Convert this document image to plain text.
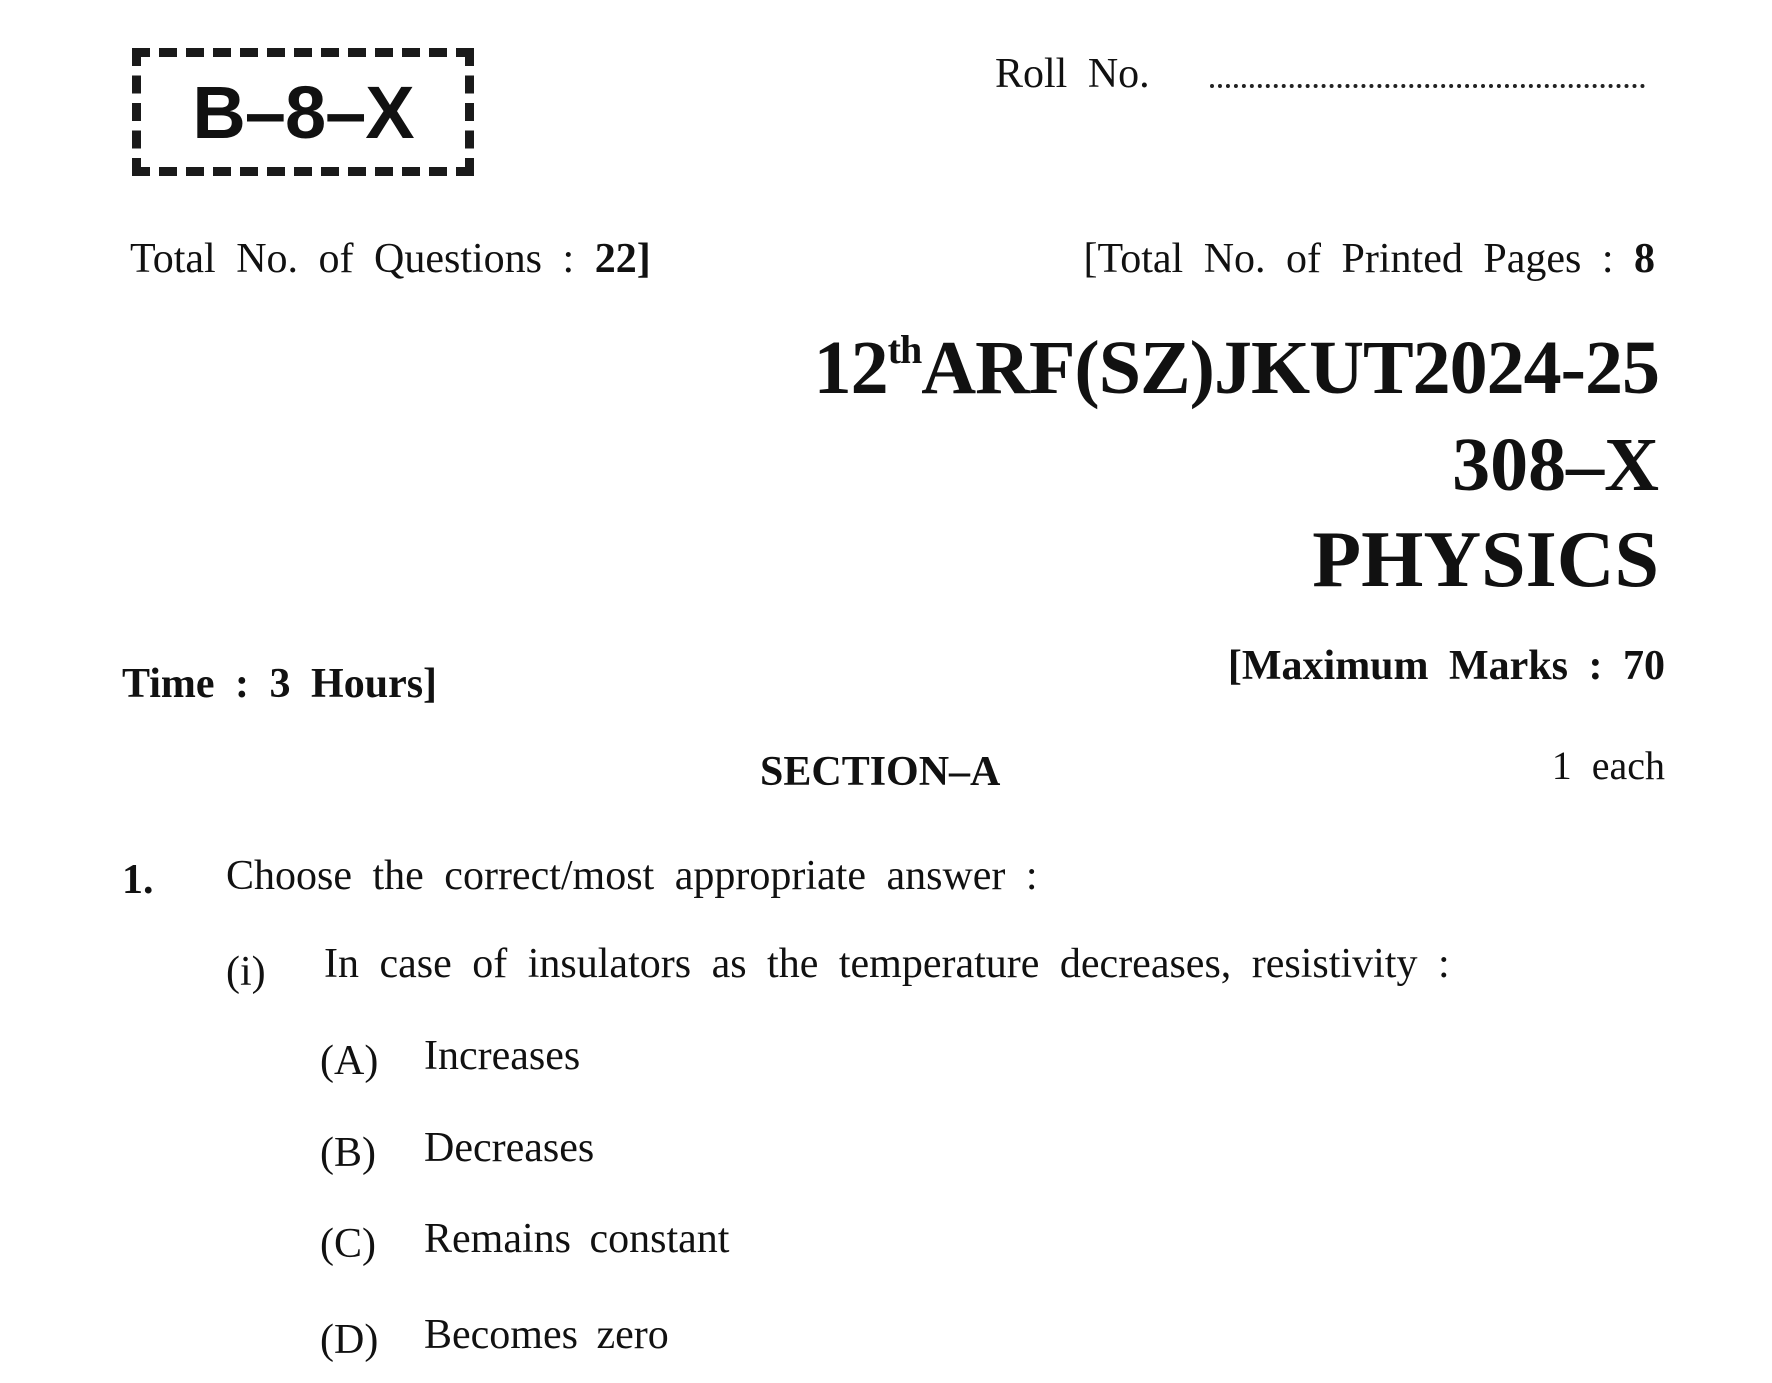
B–8–X	Roll No.
Total No. of Questions : 22]	[Total No. of Printed Pages : 8
12thARF(SZ)JKUT2024-25
308–X
PHYSICS
Time : 3 Hours]	[Maximum Marks : 70
SECTION–A	1 each
1. Choose the correct/most appropriate answer :
(i) In case of insulators as the temperature decreases, resistivity :
(A) Increases
(B) Decreases
(C) Remains constant
(D) Becomes zero
